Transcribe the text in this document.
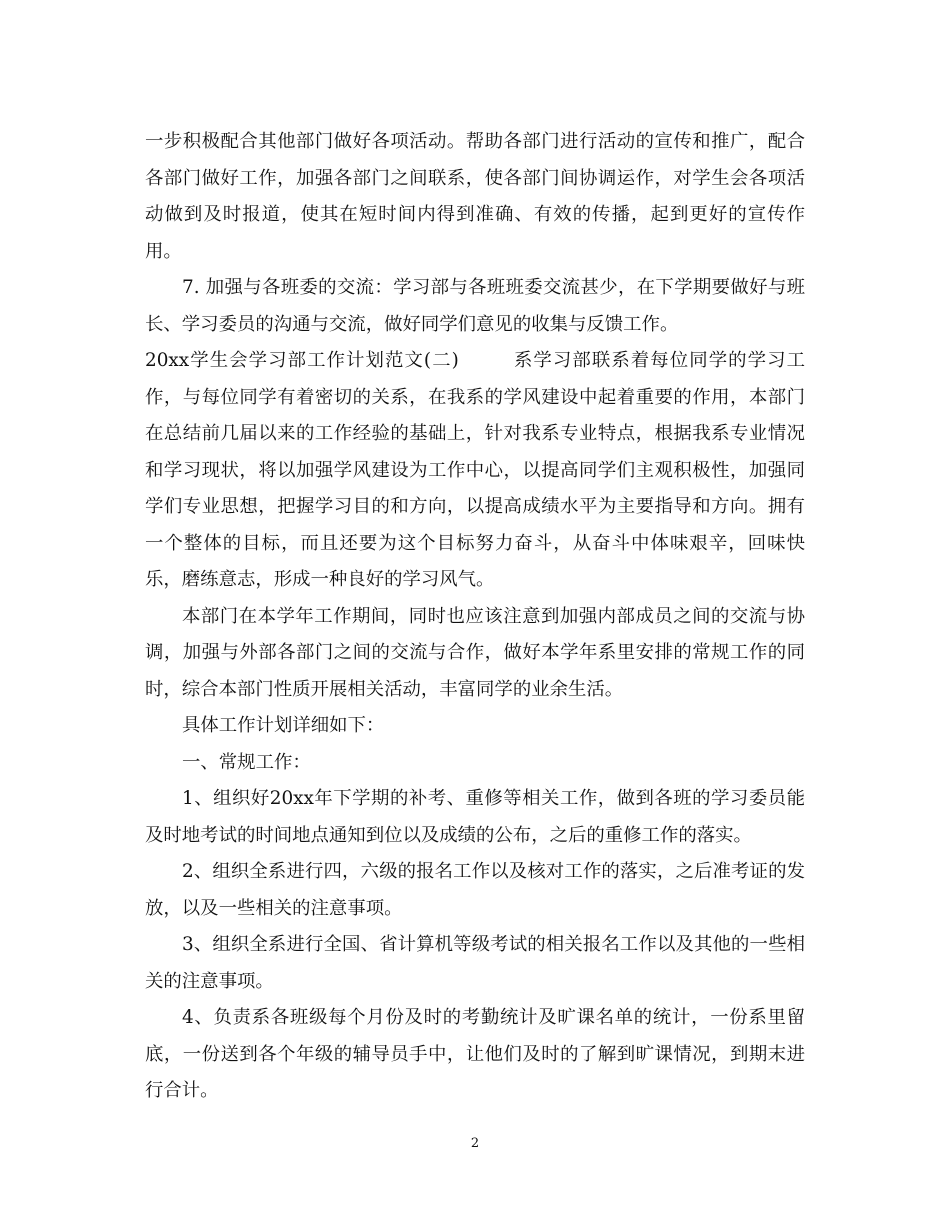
一步积极配合其他部门做好各项活动。帮助各部门进行活动的宣传和推广，配合各部门做好工作，加强各部门之间联系，使各部门间协调运作，对学生会各项活动做到及时报道，使其在短时间内得到准确、有效的传播，起到更好的宣传作用。

7. 加强与各班委的交流：学习部与各班班委交流甚少，在下学期要做好与班长、学习委员的沟通与交流，做好同学们意见的收集与反馈工作。

20xx学生会学习部工作计划范文(二)	系学习部联系着每位同学的学习工作，与每位同学有着密切的关系，在我系的学风建设中起着重要的作用，本部门在总结前几届以来的工作经验的基础上，针对我系专业特点，根据我系专业情况和学习现状，将以加强学风建设为工作中心，以提高同学们主观积极性，加强同学们专业思想，把握学习目的和方向，以提高成绩水平为主要指导和方向。拥有一个整体的目标，而且还要为这个目标努力奋斗，从奋斗中体味艰辛，回味快乐，磨练意志，形成一种良好的学习风气。

本部门在本学年工作期间，同时也应该注意到加强内部成员之间的交流与协调，加强与外部各部门之间的交流与合作，做好本学年系里安排的常规工作的同时，综合本部门性质开展相关活动，丰富同学的业余生活。

具体工作计划详细如下：

一、常规工作：

1、组织好20xx年下学期的补考、重修等相关工作，做到各班的学习委员能及时地考试的时间地点通知到位以及成绩的公布，之后的重修工作的落实。

2、组织全系进行四，六级的报名工作以及核对工作的落实，之后准考证的发放，以及一些相关的注意事项。

3、组织全系进行全国、省计算机等级考试的相关报名工作以及其他的一些相关的注意事项。

4、负责系各班级每个月份及时的考勤统计及旷课名单的统计，一份系里留底，一份送到各个年级的辅导员手中，让他们及时的了解到旷课情况，到期末进行合计。

2
